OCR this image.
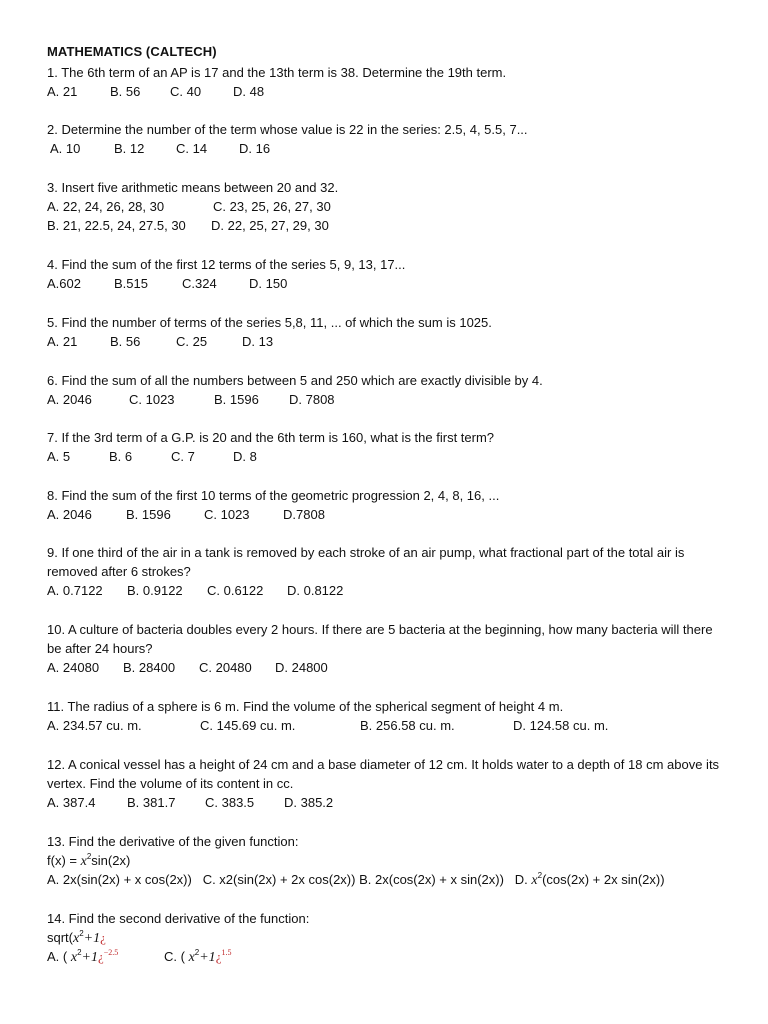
MATHEMATICS (CALTECH)
1. The 6th term of an AP is 17 and the 13th term is 38. Determine the 19th term.
A. 21	B. 56 C. 40 D. 48
2. Determine the number of the term whose value is 22 in the series: 2.5, 4, 5.5, 7...
A. 10	B. 12 C. 14 D. 16
3. Insert five arithmetic means between 20 and 32.
A. 22, 24, 26, 28, 30	C. 23, 25, 26, 27, 30
B. 21, 22.5, 24, 27.5, 30 D. 22, 25, 27, 29, 30
4. Find the sum of the first 12 terms of the series 5, 9, 13, 17...
A.602	B.515	C.324 D. 150
5. Find the number of terms of the series 5,8, 11, ... of which the sum is 1025.
A. 21	B. 56	C. 25	D. 13
6. Find the sum of all the numbers between 5 and 250 which are exactly divisible by 4.
A. 2046	C. 1023	B. 1596 D. 7808
7. If the 3rd term of a G.P. is 20 and the 6th term is 160, what is the first term?
A. 5	B. 6	C. 7	D. 8
8. Find the sum of the first 10 terms of the geometric progression 2, 4, 8, 16, ...
A. 2046	B. 1596	C. 1023	D.7808
9. If one third of the air in a tank is removed by each stroke of an air pump, what fractional part of the total air is removed after 6 strokes?
A. 0.7122 B. 0.9122 C. 0.6122 D. 0.8122
10. A culture of bacteria doubles every 2 hours. If there are 5 bacteria at the beginning, how many bacteria will there be after 24 hours?
A. 24080 B. 28400 C. 20480 D. 24800
11. The radius of a sphere is 6 m. Find the volume of the spherical segment of height 4 m.
A. 234.57 cu. m.	C. 145.69 cu. m.	B. 256.58 cu. m.	D. 124.58 cu. m.
12. A conical vessel has a height of 24 cm and a base diameter of 12 cm. It holds water to a depth of 18 cm above its vertex. Find the volume of its content in cc.
A. 387.4 B. 381.7 C. 383.5 D. 385.2
13. Find the derivative of the given function:
$f(x) = x^2\sin(2x)$
A. 2x(sin(2x) + x cos(2x)) C. x2(sin(2x) + 2x cos(2x)) B. 2x(cos(2x) + x sin(2x)) D. $x^2(\cos(2x) + 2x$ sin(2x))
14. Find the second derivative of the function:
$sqrt(x^2+1¿$
A. ( $x^2+1¿^{-2.5}$	C. ( $x^2+1¿^{1.5}$
